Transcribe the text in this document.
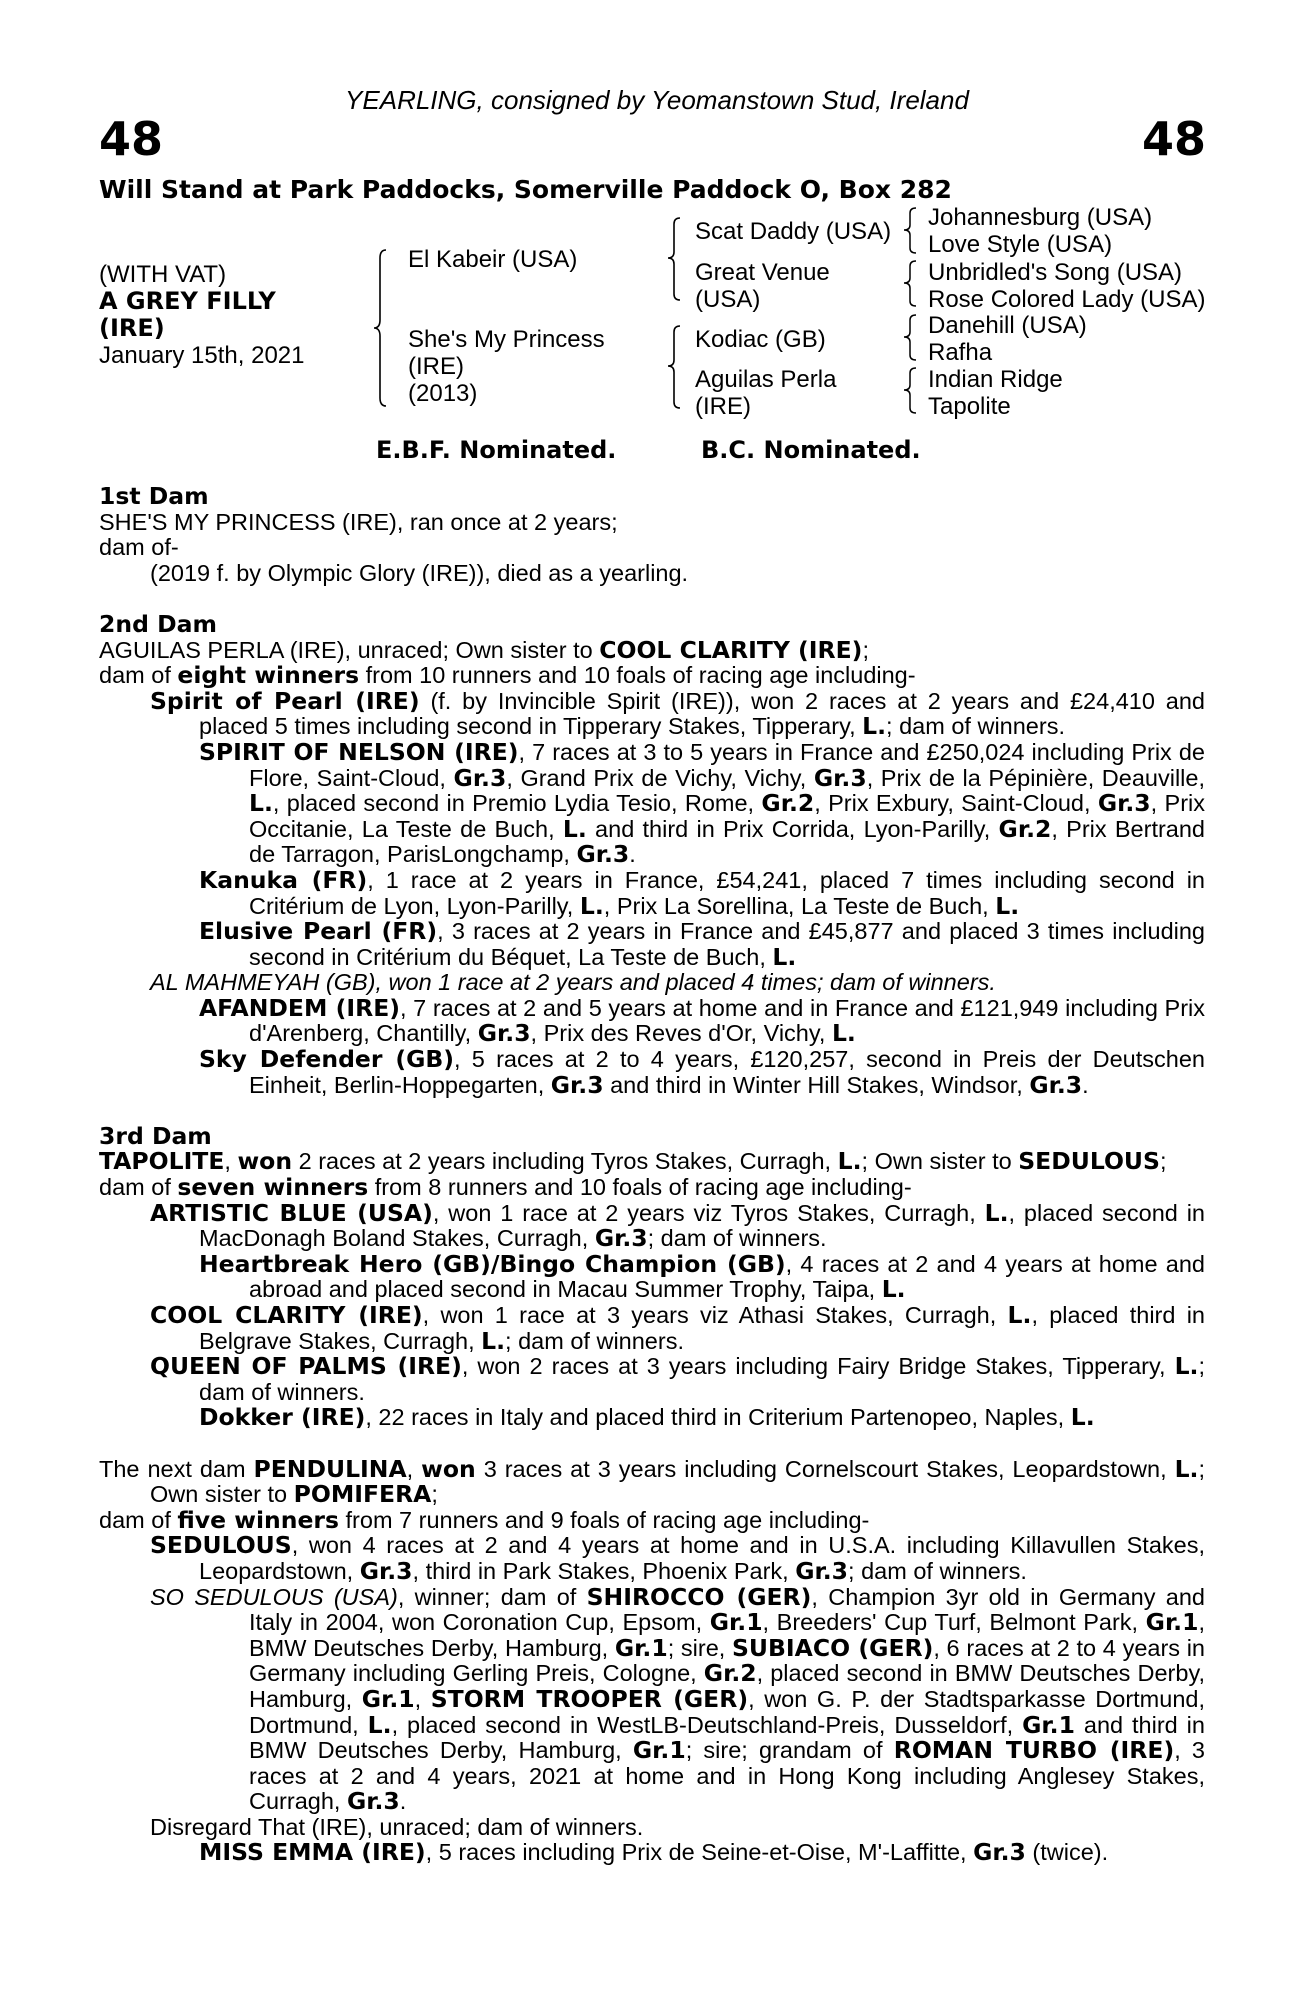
YEARLING, consigned by Yeomanstown Stud, Ireland
48	48
Will Stand at Park Paddocks, Somerville Paddock O, Box 282
(WITH VAT)
A GREY FILLY
(IRE)
January 15th, 2021
El Kabeir (USA)
She's My Princess
(IRE)
(2013)
Scat Daddy (USA)
Great Venue
(USA)
Kodiac (GB)
Aguilas Perla
(IRE)
Johannesburg (USA)
Love Style (USA)
Unbridled's Song (USA)
Rose Colored Lady (USA)
Danehill (USA)
Rafha
Indian Ridge
Tapolite
E.B.F. Nominated.	B.C. Nominated.

1st Dam

SHE'S MY PRINCESS (IRE), ran once at 2 years;

dam of-

(2019 f. by Olympic Glory (IRE)), died as a yearling.

2nd Dam

AGUILAS PERLA (IRE), unraced; Own sister to COOL CLARITY (IRE);

dam of eight winners from 10 runners and 10 foals of racing age including-

Spirit of Pearl (IRE) (f. by Invincible Spirit (IRE)), won 2 races at 2 years and £24,410 and placed 5 times including second in Tipperary Stakes, Tipperary, L.; dam of winners.

SPIRIT OF NELSON (IRE), 7 races at 3 to 5 years in France and £250,024 including Prix de Flore, Saint-Cloud, Gr.3, Grand Prix de Vichy, Vichy, Gr.3, Prix de la Pépinière, Deauville, L., placed second in Premio Lydia Tesio, Rome, Gr.2, Prix Exbury, Saint-Cloud, Gr.3, Prix Occitanie, La Teste de Buch, L. and third in Prix Corrida, Lyon-Parilly, Gr.2, Prix Bertrand de Tarragon, ParisLongchamp, Gr.3.

Kanuka (FR), 1 race at 2 years in France, £54,241, placed 7 times including second in Critérium de Lyon, Lyon-Parilly, L., Prix La Sorellina, La Teste de Buch, L.

Elusive Pearl (FR), 3 races at 2 years in France and £45,877 and placed 3 times including second in Critérium du Béquet, La Teste de Buch, L.

AL MAHMEYAH (GB), won 1 race at 2 years and placed 4 times; dam of winners.

AFANDEM (IRE), 7 races at 2 and 5 years at home and in France and £121,949 including Prix d'Arenberg, Chantilly, Gr.3, Prix des Reves d'Or, Vichy, L.

Sky Defender (GB), 5 races at 2 to 4 years, £120,257, second in Preis der Deutschen Einheit, Berlin-Hoppegarten, Gr.3 and third in Winter Hill Stakes, Windsor, Gr.3.

3rd Dam

TAPOLITE, won 2 races at 2 years including Tyros Stakes, Curragh, L.; Own sister to SEDULOUS;

dam of seven winners from 8 runners and 10 foals of racing age including-

ARTISTIC BLUE (USA), won 1 race at 2 years viz Tyros Stakes, Curragh, L., placed second in MacDonagh Boland Stakes, Curragh, Gr.3; dam of winners.

Heartbreak Hero (GB)/Bingo Champion (GB), 4 races at 2 and 4 years at home and abroad and placed second in Macau Summer Trophy, Taipa, L.

COOL CLARITY (IRE), won 1 race at 3 years viz Athasi Stakes, Curragh, L., placed third in Belgrave Stakes, Curragh, L.; dam of winners.

QUEEN OF PALMS (IRE), won 2 races at 3 years including Fairy Bridge Stakes, Tipperary, L.; dam of winners.

Dokker (IRE), 22 races in Italy and placed third in Criterium Partenopeo, Naples, L.

The next dam PENDULINA, won 3 races at 3 years including Cornelscourt Stakes, Leopardstown, L.; Own sister to POMIFERA;

dam of five winners from 7 runners and 9 foals of racing age including-

SEDULOUS, won 4 races at 2 and 4 years at home and in U.S.A. including Killavullen Stakes, Leopardstown, Gr.3, third in Park Stakes, Phoenix Park, Gr.3; dam of winners.

SO SEDULOUS (USA), winner; dam of SHIROCCO (GER), Champion 3yr old in Germany and Italy in 2004, won Coronation Cup, Epsom, Gr.1, Breeders' Cup Turf, Belmont Park, Gr.1, BMW Deutsches Derby, Hamburg, Gr.1; sire, SUBIACO (GER), 6 races at 2 to 4 years in Germany including Gerling Preis, Cologne, Gr.2, placed second in BMW Deutsches Derby, Hamburg, Gr.1, STORM TROOPER (GER), won G. P. der Stadtsparkasse Dortmund, Dortmund, L., placed second in WestLB-Deutschland-Preis, Dusseldorf, Gr.1 and third in BMW Deutsches Derby, Hamburg, Gr.1; sire; grandam of ROMAN TURBO (IRE), 3 races at 2 and 4 years, 2021 at home and in Hong Kong including Anglesey Stakes, Curragh, Gr.3.

Disregard That (IRE), unraced; dam of winners.

MISS EMMA (IRE), 5 races including Prix de Seine-et-Oise, M'-Laffitte, Gr.3 (twice).
